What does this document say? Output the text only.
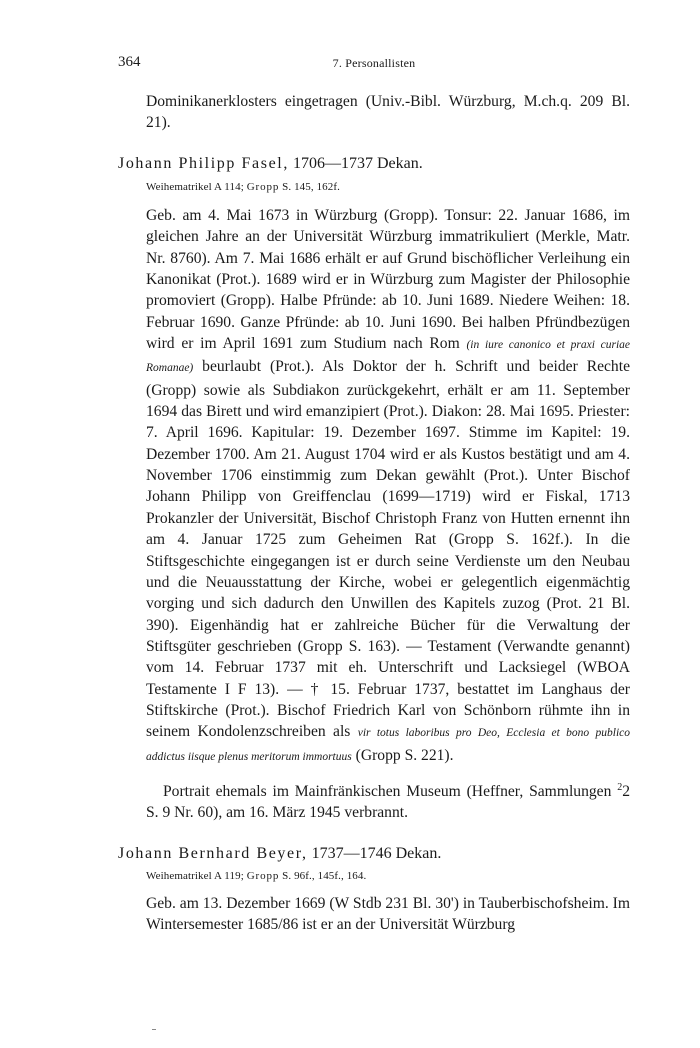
364	7. Personallisten

Dominikanerklosters eingetragen (Univ.-Bibl. Würzburg, M.ch.q. 209 Bl. 21).

Johann Philipp Fasel, 1706—1737 Dekan.
Weihematrikel A 114; Gropp S. 145, 162f.

Geb. am 4. Mai 1673 in Würzburg (Gropp). Tonsur: 22. Januar 1686, im gleichen Jahre an der Universität Würzburg immatrikuliert (Merkle, Matr. Nr. 8760). Am 7. Mai 1686 erhält er auf Grund bischöflicher Verleihung ein Kanonikat (Prot.). 1689 wird er in Würzburg zum Magister der Philosophie promoviert (Gropp). Halbe Pfründe: ab 10. Juni 1689. Niedere Weihen: 18. Februar 1690. Ganze Pfründe: ab 10. Juni 1690. Bei halben Pfründbezügen wird er im April 1691 zum Studium nach Rom (in iure canonico et praxi curiae Romanae) beurlaubt (Prot.). Als Doktor der h. Schrift und beider Rechte (Gropp) sowie als Subdiakon zurückgekehrt, erhält er am 11. September 1694 das Birett und wird emanzipiert (Prot.). Diakon: 28. Mai 1695. Priester: 7. April 1696. Kapitular: 19. Dezember 1697. Stimme im Kapitel: 19. Dezember 1700. Am 21. August 1704 wird er als Kustos bestätigt und am 4. November 1706 einstimmig zum Dekan gewählt (Prot.). Unter Bischof Johann Philipp von Greiffenclau (1699—1719) wird er Fiskal, 1713 Prokanzler der Universität, Bischof Christoph Franz von Hutten ernennt ihn am 4. Januar 1725 zum Geheimen Rat (Gropp S. 162f.). In die Stiftsgeschichte eingegangen ist er durch seine Verdienste um den Neubau und die Neuausstattung der Kirche, wobei er gelegentlich eigenmächtig vorging und sich dadurch den Unwillen des Kapitels zuzog (Prot. 21 Bl. 390). Eigenhändig hat er zahlreiche Bücher für die Verwaltung der Stiftsgüter geschrieben (Gropp S. 163). — Testament (Verwandte genannt) vom 14. Februar 1737 mit eh. Unterschrift und Lacksiegel (WBOA Testamente I F 13). — † 15. Februar 1737, bestattet im Langhaus der Stiftskirche (Prot.). Bischof Friedrich Karl von Schönborn rühmte ihn in seinem Kondolenzschreiben als vir totus laboribus pro Deo, Ecclesia et bono publico addictus iisque plenus meritorum immortuus (Gropp S. 221).

Portrait ehemals im Mainfränkischen Museum (Heffner, Sammlungen $^2$2 S. 9 Nr. 60), am 16. März 1945 verbrannt.

Johann Bernhard Beyer, 1737—1746 Dekan.
Weihematrikel A 119; Gropp S. 96f., 145f., 164.

Geb. am 13. Dezember 1669 (W Stdb 231 Bl. 30') in Tauberbischofsheim. Im Wintersemester 1685/86 ist er an der Universität Würzburg
